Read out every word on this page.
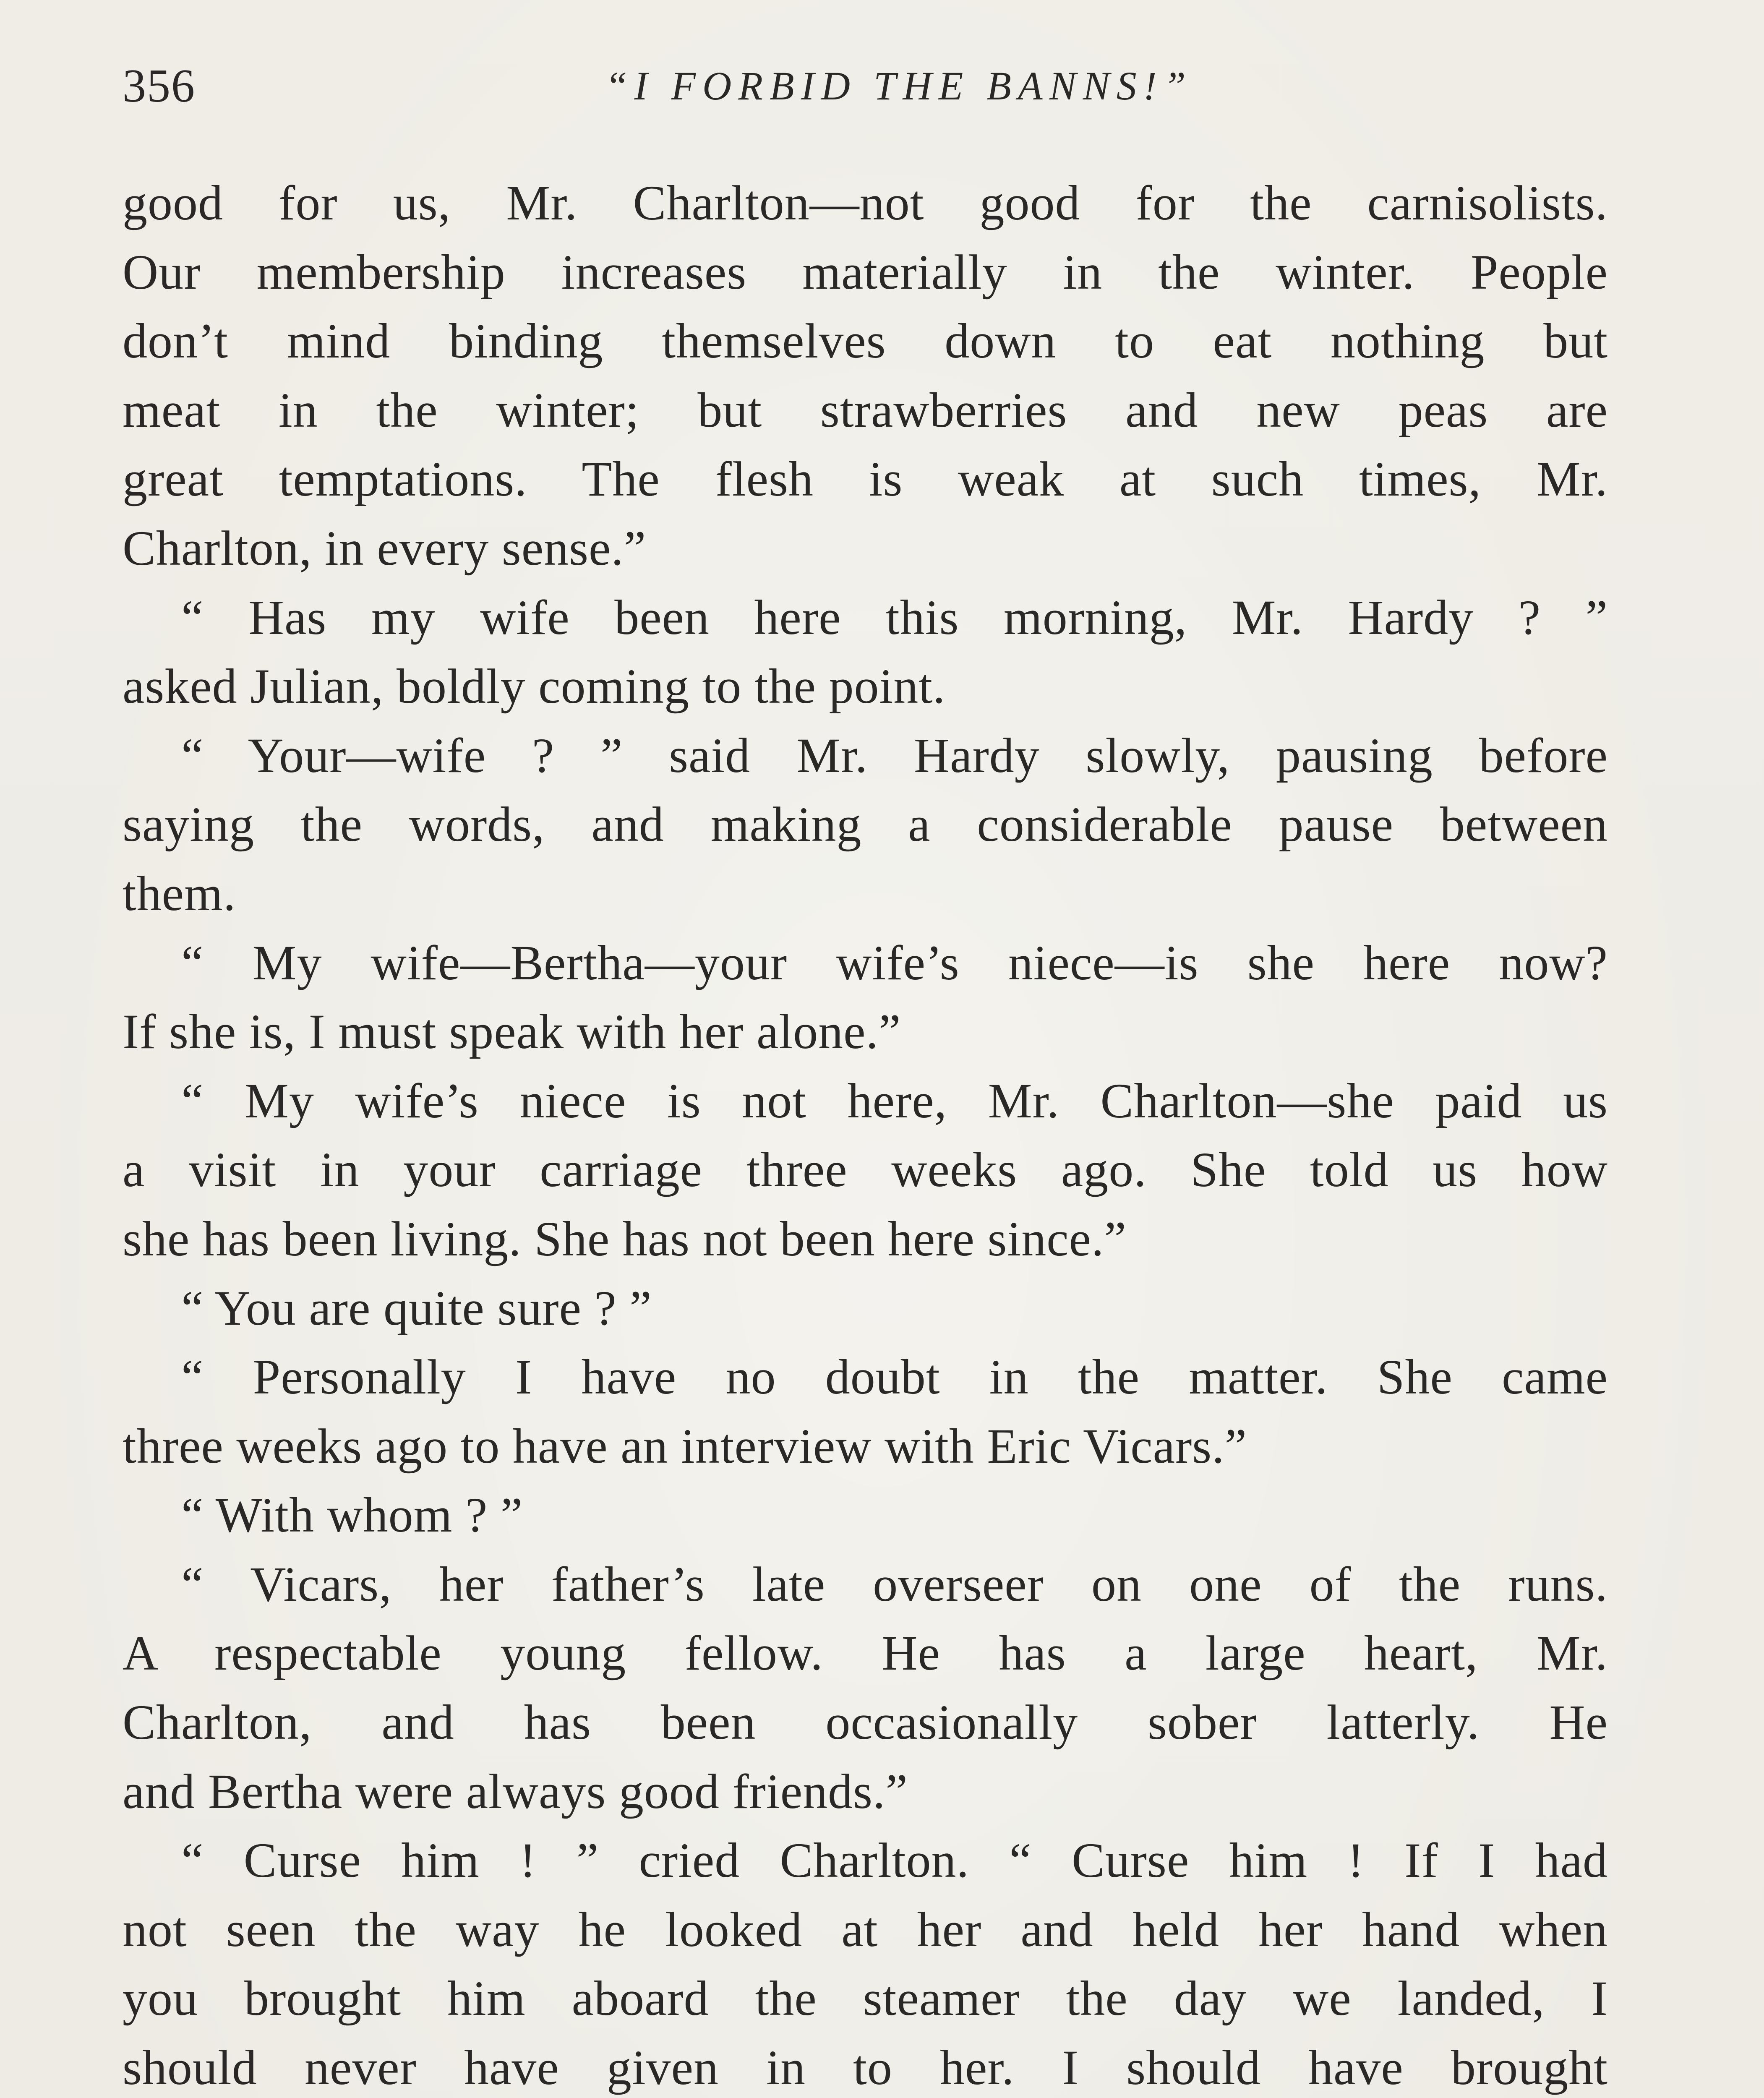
356	“I FORBID THE BANNS!”
good for us, Mr. Charlton—not good for the carnisolists.
Our membership increases materially in the winter. People
don’t mind binding themselves down to eat nothing but
meat in the winter; but strawberries and new peas are
great temptations. The flesh is weak at such times, Mr.
Charlton, in every sense.”
“ Has my wife been here this morning, Mr. Hardy ? ”
asked Julian, boldly coming to the point.
“ Your—wife ? ” said Mr. Hardy slowly, pausing before
saying the words, and making a considerable pause between
them.
“ My wife—Bertha—your wife’s niece—is she here now?
If she is, I must speak with her alone.”
“ My wife’s niece is not here, Mr. Charlton—she paid us
a visit in your carriage three weeks ago. She told us how
she has been living. She has not been here since.”
“ You are quite sure ? ”
“ Personally I have no doubt in the matter. She came
three weeks ago to have an interview with Eric Vicars.”
“ With whom ? ”
“ Vicars, her father’s late overseer on one of the runs.
A respectable young fellow. He has a large heart, Mr.
Charlton, and has been occasionally sober latterly. He
and Bertha were always good friends.”
“ Curse him ! ” cried Charlton. “ Curse him ! If I had
not seen the way he looked at her and held her hand when
you brought him aboard the steamer the day we landed, I
should never have given in to her. I should have brought
